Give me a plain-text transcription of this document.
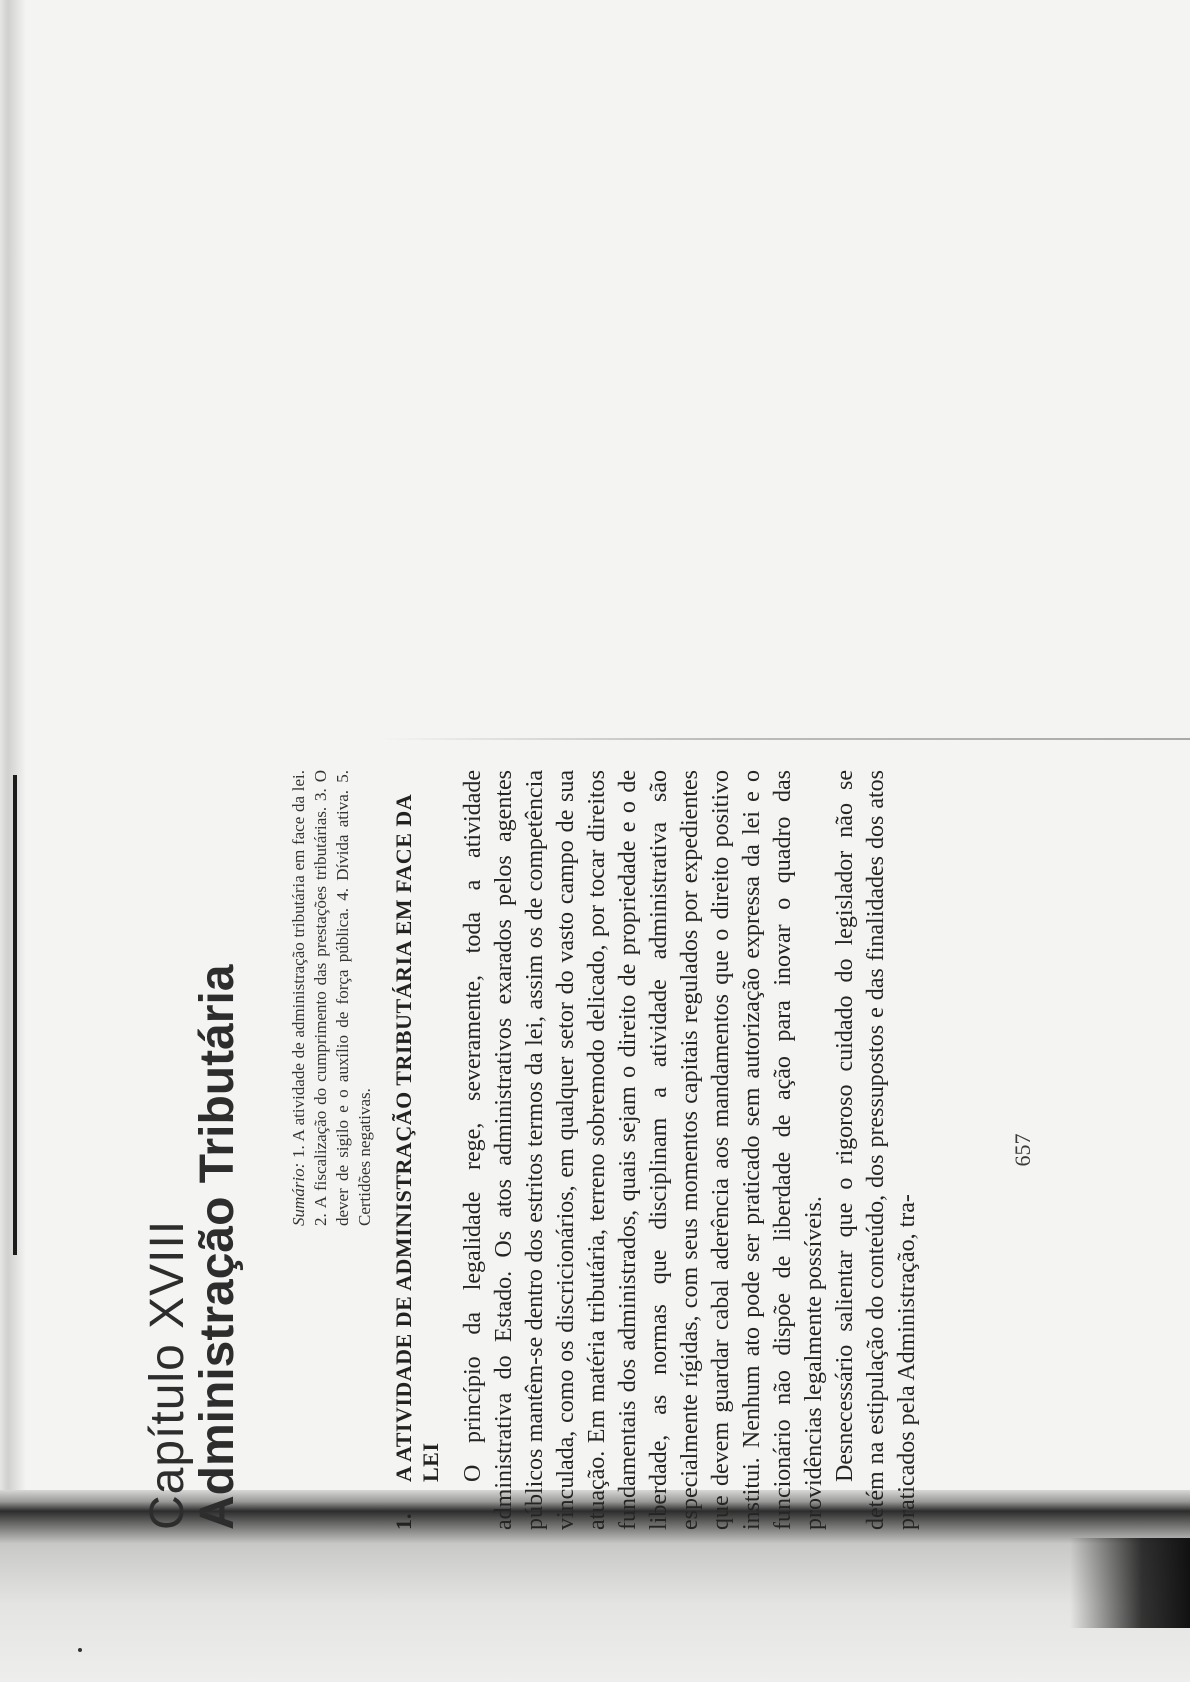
Capítulo XVIII
Administração Tributária	Sumário: 1. A atividade de administração tributária em face da lei. 2. A fiscalização do cumprimento das prestações tributárias. 3. O dever de sigilo e o auxílio de força pública. 4. Dívida ativa. 5. Certidões negativas.
1.
A ATIVIDADE DE ADMINISTRAÇÃO TRIBUTÁRIA EM FACE DA LEI O princípio da legalidade rege, severamente, toda a atividade administrativa do Estado. Os atos administrativos exarados pelos agentes públicos mantêm-se dentro dos estritos termos da lei, assim os de competência vinculada, como os discricionários, em qualquer setor do vasto campo de sua atuação. Em matéria tributária, terreno sobremodo delicado, por tocar direitos fundamentais dos administrados, quais sejam o direito de propriedade e o de liberdade, as normas que disciplinam a atividade administrativa são especialmente rígidas, com seus momentos capitais regulados por expedientes que devem guardar cabal aderência aos mandamentos que o direito positivo institui. Nenhum ato pode ser praticado sem autorização expressa da lei e o funcionário não dispõe de liberdade de ação para inovar o quadro das providências legalmente possíveis. Desnecessário salientar que o rigoroso cuidado do legislador não se detém na estipulação do conteúdo, dos pressupostos e das finalidades dos atos praticados pela Administração, tra-

657
